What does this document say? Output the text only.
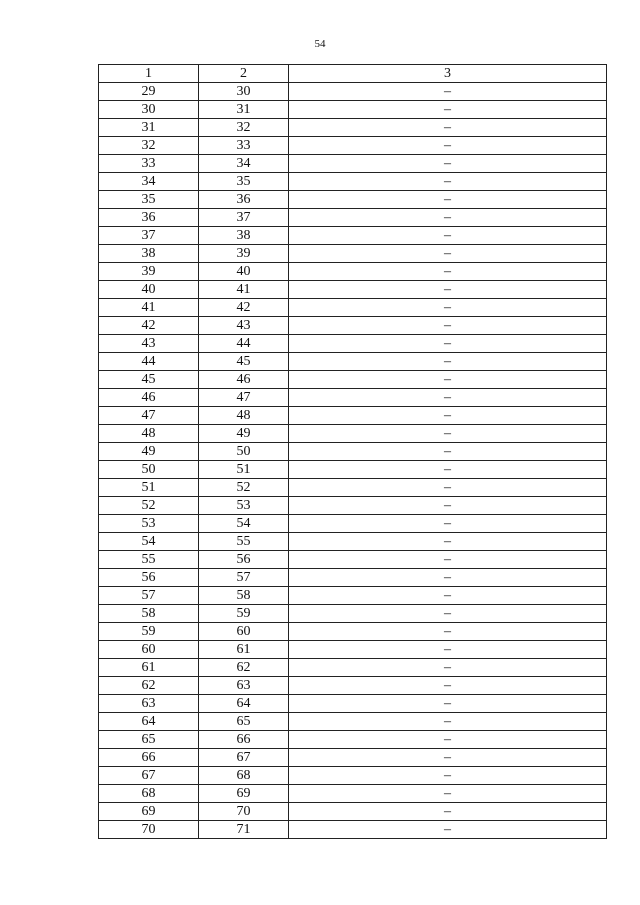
54
1	2	3
29	30	–
30	31	–
31	32	–
32	33	–
33	34	–
34	35	–
35	36	–
36	37	–
37	38	–
38	39	–
39	40	–
40	41	–
41	42	–
42	43	–
43	44	–
44	45	–
45	46	–
46	47	–
47	48	–
48	49	–
49	50	–
50	51	–
51	52	–
52	53	–
53	54	–
54	55	–
55	56	–
56	57	–
57	58	–
58	59	–
59	60	–
60	61	–
61	62	–
62	63	–
63	64	–
64	65	–
65	66	–
66	67	–
67	68	–
68	69	–
69	70	–
70	71	–
